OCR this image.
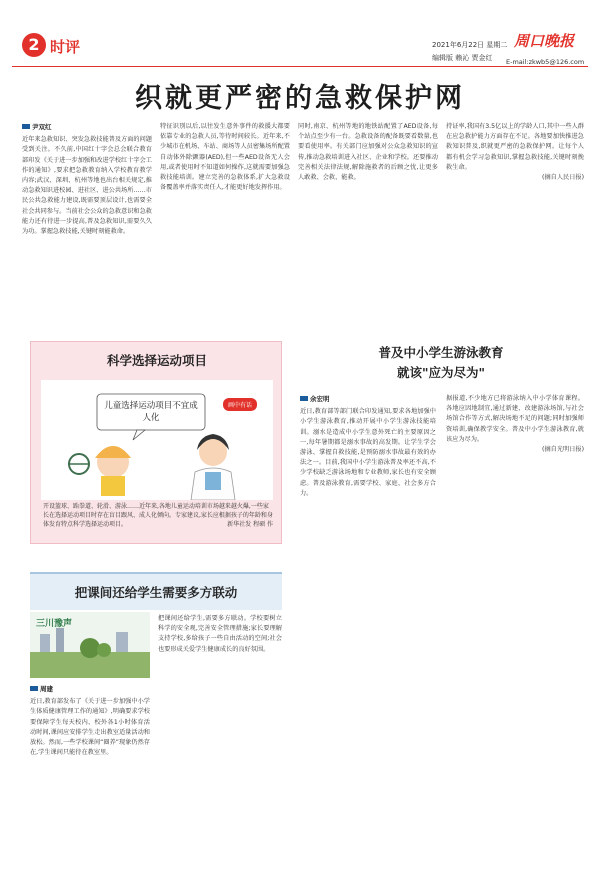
2 时评	2021年6月22日 星期二
编辑版 赖沁 贾金红
周口晚报
E-mail:zkwb5@126.com
织就更严密的急救保护网
尹双红
近年来急救知识、突发急救技能普及方面的问题受到关注。不久前,中国红十字会总会联合教育部印发《关于进一步加强和改进学校红十字会工作的通知》,要求把急救教育纳入学校教育教学内容;武汉、深圳、杭州等地也出台相关规定,推动急救知识进校园、进社区、进公共场所……市民公共急救能力建设,既需要顶层设计,也需要全社会共同参与。当前社会公众的急救意识和急救能力还有待进一步提高,普及急救知识,需要久久为功。掌握急救技能,关键时刻能救命。
特征识别以后,以往发生意外事件的救援大都要依靠专业的急救人员,等待时间较长。近年来,不少城市在机场、车站、商场等人员密集场所配置自动体外除颤器(AED),但一些AED设备无人会用,或者使用时不知道如何操作,这就需要加强急救技能培训。建立完善的急救体系,扩大急救设备覆盖率并落实责任人,才能更好地发挥作用。
同时,南京、杭州等地的地铁站配置了AED设备,每个站点至少有一台。急救设备的配备既要看数量,也要看使用率。有关部门应加强对公众急救知识的宣传,推动急救培训进入社区、企业和学校。还要推动完善相关法律法规,解除施救者的后顾之忧,让更多人敢救、会救、能救。
持证率,我国有3.5亿以上的学龄人口,其中一些人群在应急救护能力方面存在不足。各地要加快推进急救知识普及,织就更严密的急救保护网。让每个人都有机会学习急救知识,掌握急救技能,关键时刻挽救生命。
(摘自人民日报)
科学选择运动项目
儿童选择运动项目不宜成人化
画中有话
开设篮球、跆拳道、轮滑、游泳……近年来,各地儿童运动培训市场越来越火爆,一些家长在选择运动项目时存在盲目跟风、成人化倾向。专家建议,家长应根据孩子的年龄和身体发育特点科学选择运动项目。	新华社发 程硕 作
把课间还给学生需要多方联动
三川豫声
周建
近日,教育部发布了《关于进一步加强中小学生体质健康管理工作的通知》,明确要求学校要保障学生每天校内、校外各1小时体育活动时间,课间应安排学生走出教室适量活动和放松。然而,一些学校课间“圈养”现象仍然存在,学生课间只能待在教室里。
把课间还给学生,需要多方联动。学校要树立科学的安全观,完善安全管理措施;家长要理解支持学校,多给孩子一些自由活动的空间;社会也要形成关爱学生健康成长的良好氛围。
普及中小学生游泳教育
就该"应为尽为"
余宏明
近日,教育部等部门联合印发通知,要求各地加强中小学生游泳教育,推动开展中小学生游泳技能培训。溺水是造成中小学生意外死亡的主要原因之一,每年暑期都是溺水事故的高发期。让学生学会游泳、掌握自救技能,是预防溺水事故最有效的办法之一。目前,我国中小学生游泳普及率还不高,不少学校缺乏游泳场地和专业教师,家长也有安全顾虑。普及游泳教育,需要学校、家庭、社会多方合力。
据报道,不少地方已将游泳纳入中小学体育课程。各地应因地制宜,通过新建、改建游泳场馆,与社会场馆合作等方式,解决场地不足的问题;同时加强师资培训,确保教学安全。普及中小学生游泳教育,就该应为尽为。
(摘自光明日报)
